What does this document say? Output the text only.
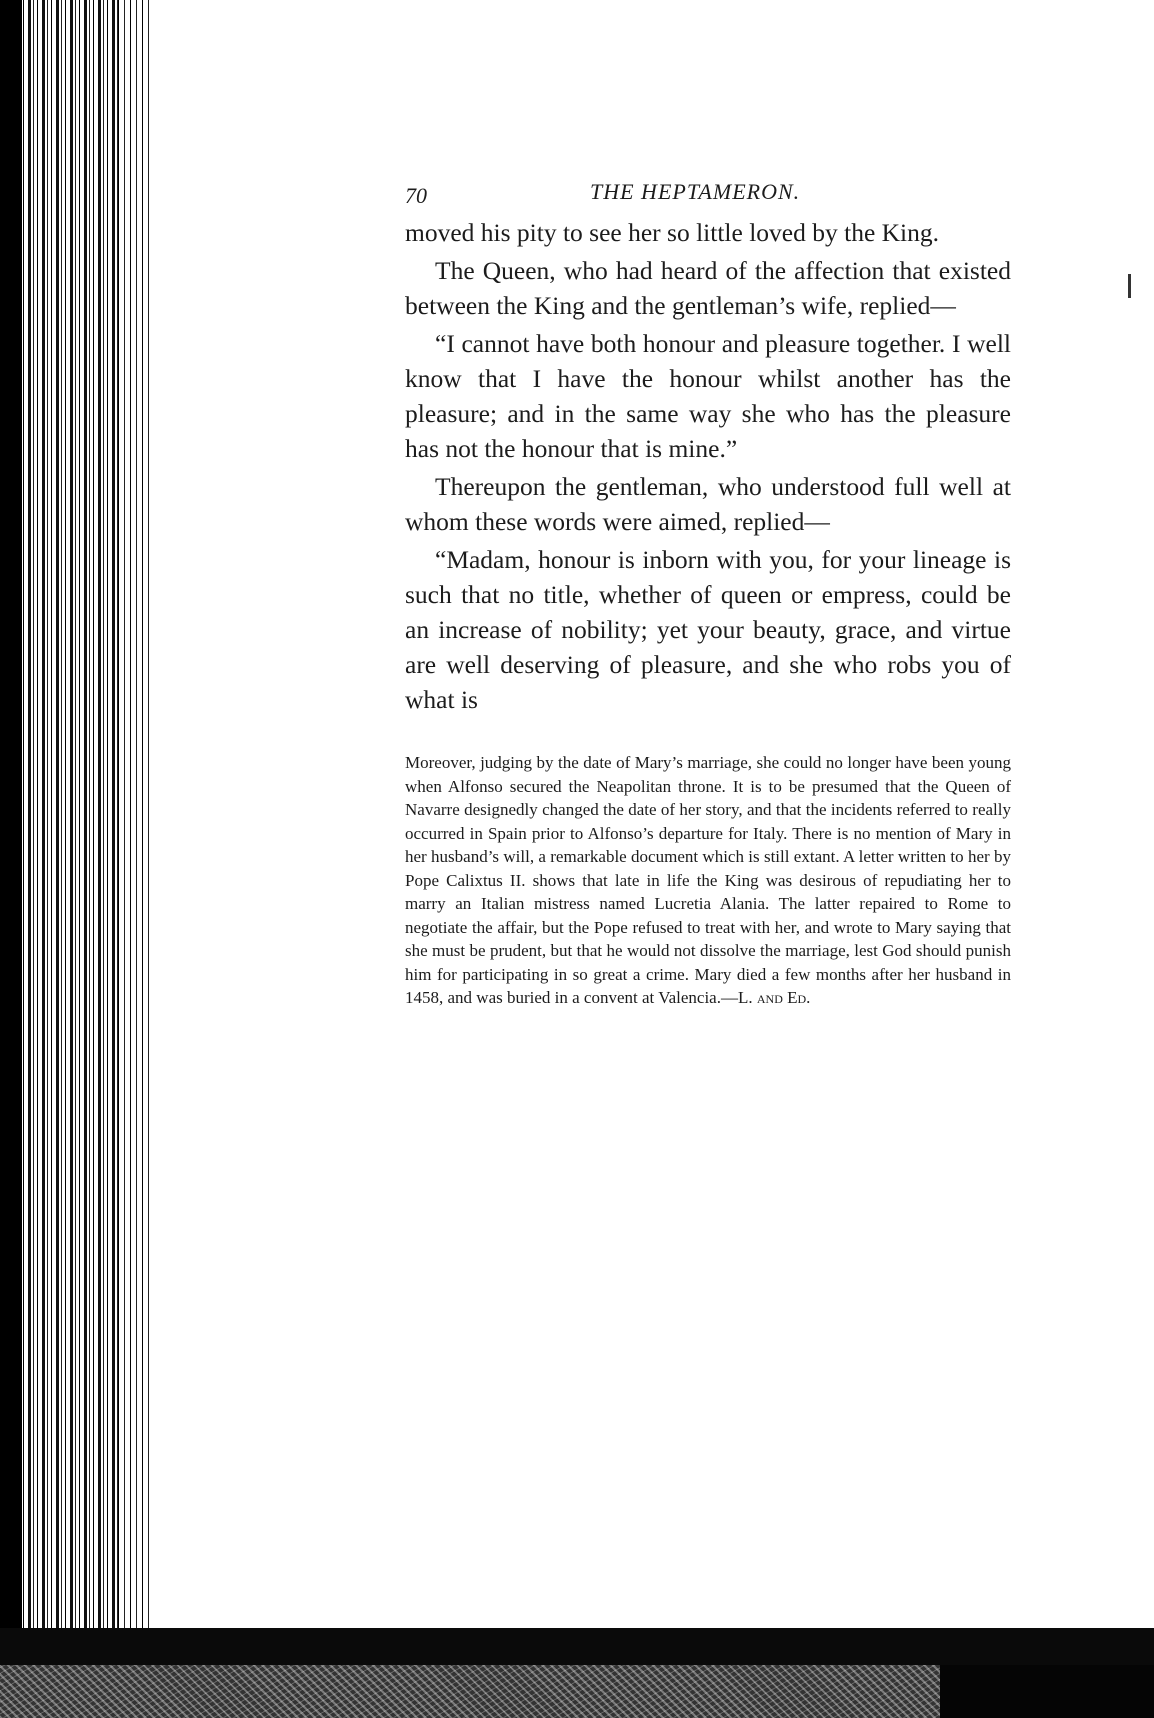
70	THE HEPTAMERON.

moved his pity to see her so little loved by the King.

The Queen, who had heard of the affection that existed between the King and the gentleman’s wife, replied—

“I cannot have both honour and pleasure together. I well know that I have the honour whilst another has the pleasure; and in the same way she who has the pleasure has not the honour that is mine.”

Thereupon the gentleman, who understood full well at whom these words were aimed, replied—

“Madam, honour is inborn with you, for your lineage is such that no title, whether of queen or empress, could be an increase of nobility; yet your beauty, grace, and virtue are well deserving of pleasure, and she who robs you of what is

Moreover, judging by the date of Mary’s marriage, she could no longer have been young when Alfonso secured the Neapolitan throne. It is to be presumed that the Queen of Navarre designedly changed the date of her story, and that the incidents referred to really occurred in Spain prior to Alfonso’s departure for Italy. There is no mention of Mary in her husband’s will, a remarkable document which is still extant. A letter written to her by Pope Calixtus II. shows that late in life the King was desirous of repudiating her to marry an Italian mistress named Lucretia Alania. The latter repaired to Rome to negotiate the affair, but the Pope refused to treat with her, and wrote to Mary saying that she must be prudent, but that he would not dissolve the marriage, lest God should punish him for participating in so great a crime. Mary died a few months after her husband in 1458, and was buried in a convent at Valencia.—L. and Ed.
